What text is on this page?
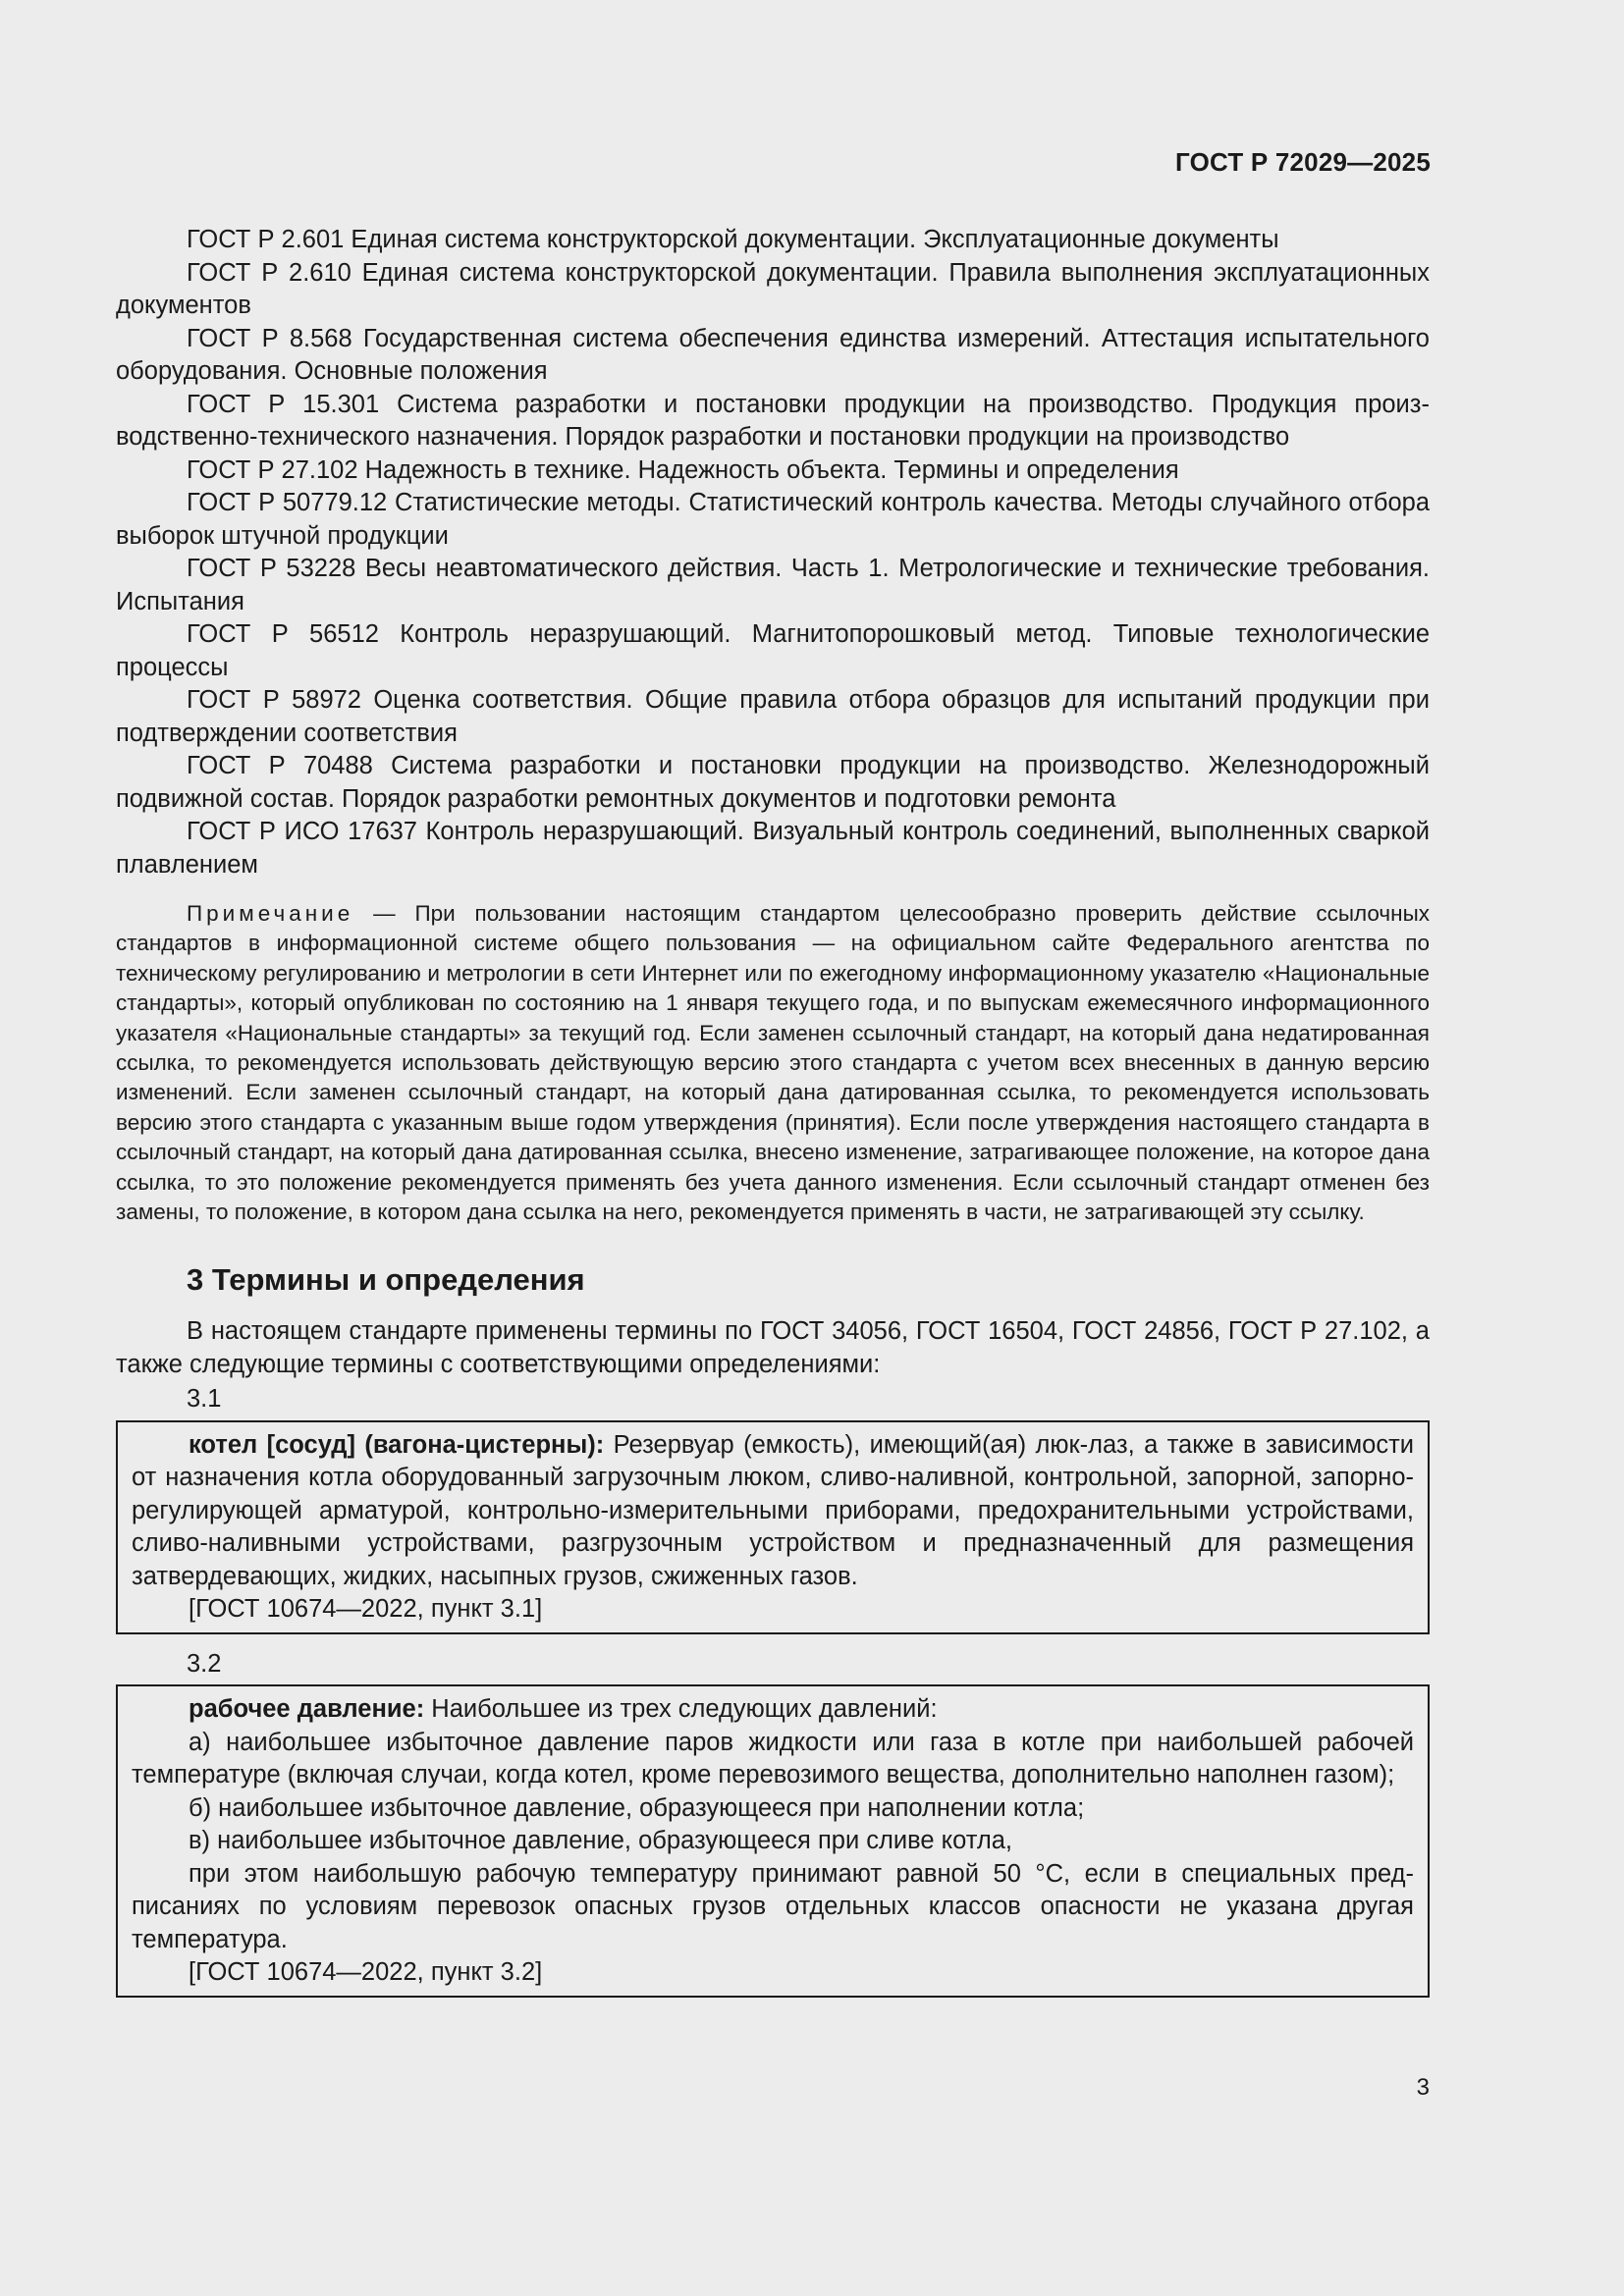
ГОСТ Р 72029—2025

ГОСТ Р 2.601 Единая система конструкторской документации. Эксплуатационные документы

ГОСТ Р 2.610 Единая система конструкторской документации. Правила выполнения эксплуатационных документов

ГОСТ Р 8.568 Государственная система обеспечения единства измерений. Аттестация испытательного оборудования. Основные положения

ГОСТ Р 15.301 Система разработки и постановки продукции на производство. Продукция производственно-технического назначения. Порядок разработки и постановки продукции на производство

ГОСТ Р 27.102 Надежность в технике. Надежность объекта. Термины и определения

ГОСТ Р 50779.12 Статистические методы. Статистический контроль качества. Методы случайного отбора выборок штучной продукции

ГОСТ Р 53228 Весы неавтоматического действия. Часть 1. Метрологические и технические требования. Испытания

ГОСТ Р 56512 Контроль неразрушающий. Магнитопорошковый метод. Типовые технологические процессы

ГОСТ Р 58972 Оценка соответствия. Общие правила отбора образцов для испытаний продукции при подтверждении соответствия

ГОСТ Р 70488 Система разработки и постановки продукции на производство. Железнодорожный подвижной состав. Порядок разработки ремонтных документов и подготовки ремонта

ГОСТ Р ИСО 17637 Контроль неразрушающий. Визуальный контроль соединений, выполненных сваркой плавлением

Примечание — При пользовании настоящим стандартом целесообразно проверить действие ссылочных стандартов в информационной системе общего пользования — на официальном сайте Федерального агентства по техническому регулированию и метрологии в сети Интернет или по ежегодному информационному указателю «Национальные стандарты», который опубликован по состоянию на 1 января текущего года, и по выпускам ежемесячного информационного указателя «Национальные стандарты» за текущий год. Если заменен ссылочный стандарт, на который дана недатированная ссылка, то рекомендуется использовать действующую версию этого стандарта с учетом всех внесенных в данную версию изменений. Если заменен ссылочный стандарт, на который дана датированная ссылка, то рекомендуется использовать версию этого стандарта с указанным выше годом утверждения (принятия). Если после утверждения настоящего стандарта в ссылочный стандарт, на который дана датированная ссылка, внесено изменение, затрагивающее положение, на которое дана ссылка, то это положение рекомендуется применять без учета данного изменения. Если ссылочный стандарт отменен без замены, то положение, в котором дана ссылка на него, рекомендуется применять в части, не затрагивающей эту ссылку.
3 Термины и определения

В настоящем стандарте применены термины по ГОСТ 34056, ГОСТ 16504, ГОСТ 24856, ГОСТ Р 27.102, а также следующие термины с соответствующими определениями:

3.1

котел [сосуд] (вагона-цистерны): Резервуар (емкость), имеющий(ая) люк-лаз, а также в зависимости от назначения котла оборудованный загрузочным люком, сливо-наливной, контрольной, запорной, запорно-регулирующей арматурой, контрольно-измерительными приборами, предохранительными устройствами, сливо-наливными устройствами, разгрузочным устройством и предназначенный для размещения затвердевающих, жидких, насыпных грузов, сжиженных газов.

[ГОСТ 10674—2022, пункт 3.1]

3.2

рабочее давление: Наибольшее из трех следующих давлений:

а) наибольшее избыточное давление паров жидкости или газа в котле при наибольшей рабочей температуре (включая случаи, когда котел, кроме перевозимого вещества, дополнительно наполнен газом);

б) наибольшее избыточное давление, образующееся при наполнении котла;

в) наибольшее избыточное давление, образующееся при сливе котла,

при этом наибольшую рабочую температуру принимают равной 50 °С, если в специальных предписаниях по условиям перевозок опасных грузов отдельных классов опасности не указана другая температура.

[ГОСТ 10674—2022, пункт 3.2]

3
